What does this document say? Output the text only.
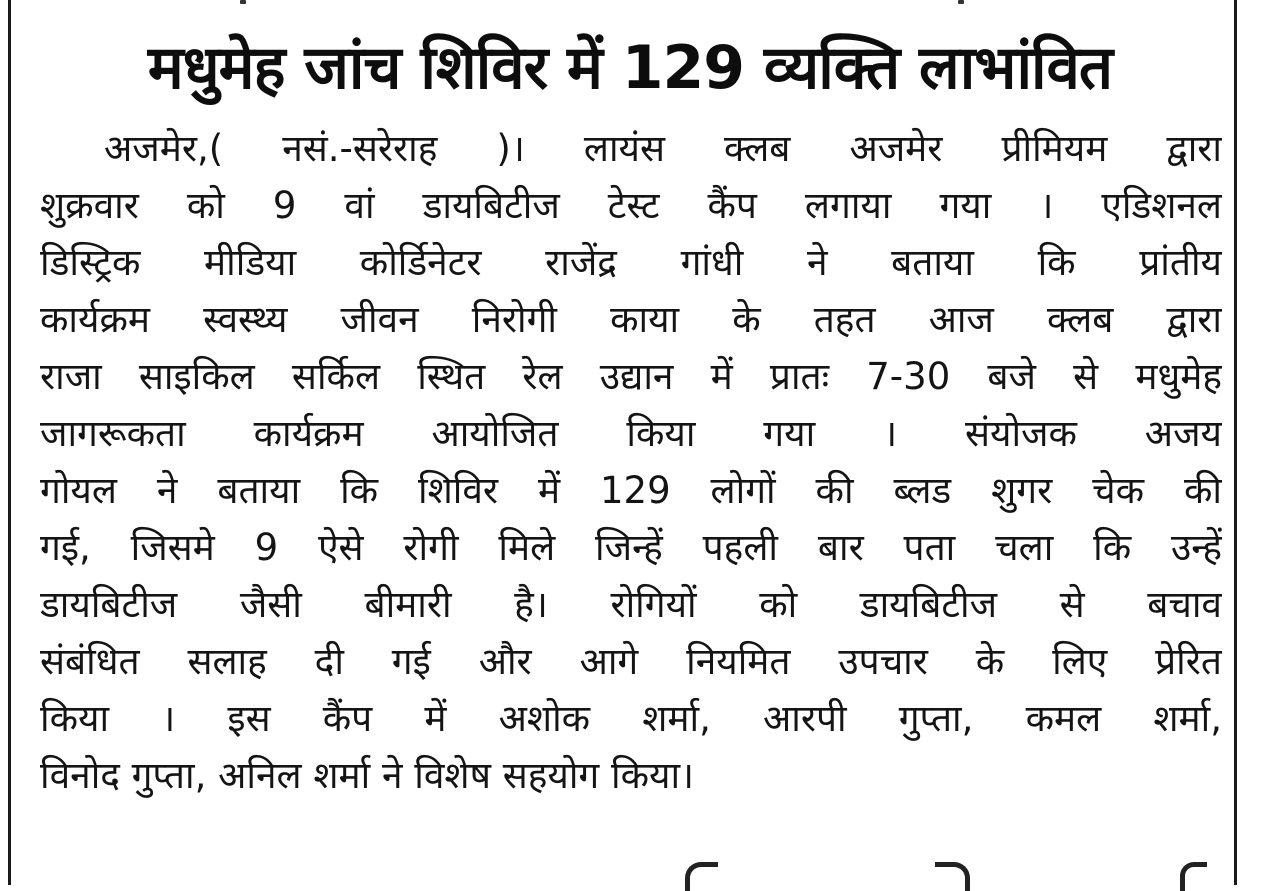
मधुमेह जांच शिविर में 129 व्यक्ति लाभांवित
अजमेर,( नसं.-सरेराह )। लायंस क्लब अजमेर प्रीमियम द्वारा
शुक्रवार को 9 वां डायबिटीज टेस्ट कैंप लगाया गया । एडिशनल
डिस्ट्रिक मीडिया कोर्डिनेटर राजेंद्र गांधी ने बताया कि प्रांतीय
कार्यक्रम स्वस्थ्य जीवन निरोगी काया के तहत आज क्लब द्वारा
राजा साइकिल सर्किल स्थित रेल उद्यान में प्रातः 7-30 बजे से मधुमेह
जागरूकता कार्यक्रम आयोजित किया गया । संयोजक अजय
गोयल ने बताया कि शिविर में 129 लोगों की ब्लड शुगर चेक की
गई, जिसमे 9 ऐसे रोगी मिले जिन्हें पहली बार पता चला कि उन्हें
डायबिटीज जैसी बीमारी है। रोगियों को डायबिटीज से बचाव
संबंधित सलाह दी गई और आगे नियमित उपचार के लिए प्रेरित
किया । इस कैंप में अशोक शर्मा, आरपी गुप्ता, कमल शर्मा,
विनोद गुप्ता, अनिल शर्मा ने विशेष सहयोग किया।
